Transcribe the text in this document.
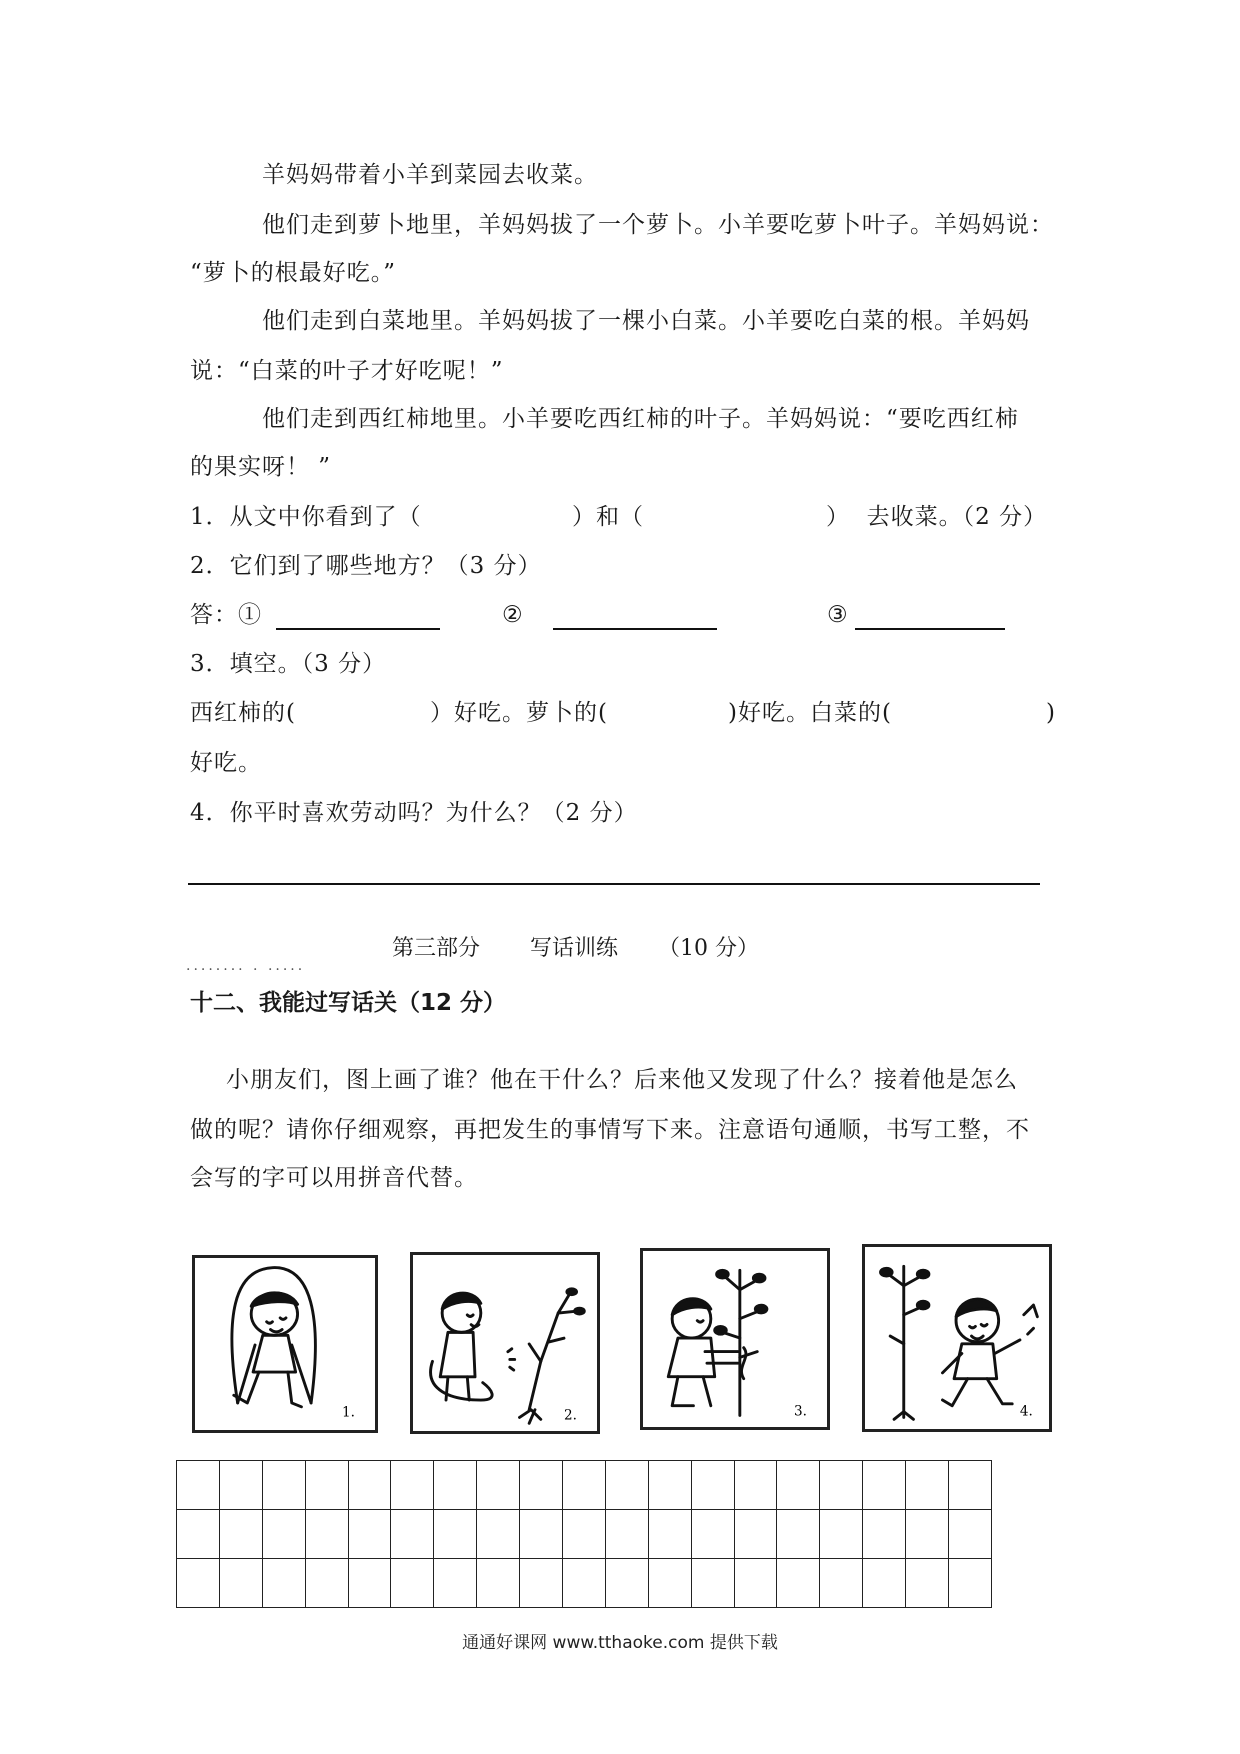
羊妈妈带着小羊到菜园去收菜。
他们走到萝卜地里，羊妈妈拔了一个萝卜。小羊要吃萝卜叶子。羊妈妈说：
“萝卜的根最好吃。”
他们走到白菜地里。羊妈妈拔了一棵小白菜。小羊要吃白菜的根。羊妈妈
说：“白菜的叶子才好吃呢！”
他们走到西红柿地里。小羊要吃西红柿的叶子。羊妈妈说：“要吃西红柿
的果实呀！ ”
1．从文中你看到了（	）和（	）  去收菜。（2 分）
2．它们到了哪些地方？（3 分）
答：①	②	③
3．填空。（3 分）
西红柿的(	）好吃。萝卜的(	)好吃。白菜的(	)
好吃。
4．你平时喜欢劳动吗？为什么？（2 分）
........ . .....
第三部分 写话训练 （10 分）
十二、我能过写话关（12 分）
小朋友们，图上画了谁？他在干什么？后来他又发现了什么？接着他是怎么
做的呢？请你仔细观察，再把发生的事情写下来。注意语句通顺，书写工整，不
会写的字可以用拼音代替。
1.	2.	3.	4.

通通好课网 www.tthaoke.com 提供下载
